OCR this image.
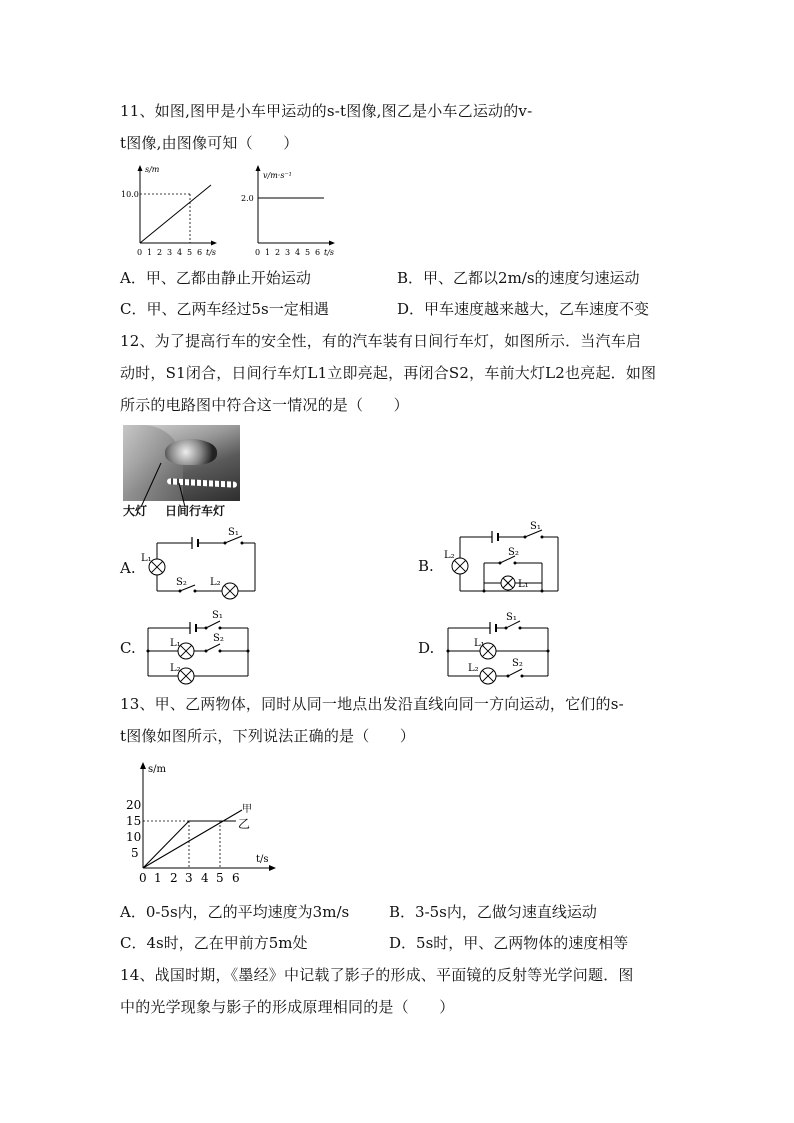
11、如图,图甲是小车甲运动的s-t图像,图乙是小车乙运动的v-
t图像,由图像可知（　　）
s/m
10.0
0 1 2 3 4 5 6 t/s
v/m·s⁻¹
2.0
0 1 2 3 4 5 6 t/s
A．甲、乙都由静止开始运动	B．甲、乙都以2m/s的速度匀速运动
C．甲、乙两车经过5s一定相遇	D．甲车速度越来越大，乙车速度不变
12、为了提高行车的安全性，有的汽车装有日间行车灯，如图所示．当汽车启
动时，S1闭合，日间行车灯L1立即亮起，再闭合S2，车前大灯L2也亮起．如图
所示的电路图中符合这一情况的是（　　）
大灯 日间行车灯
A.
S₁
L₁
S₂ L₂
B.
S₁
L₂	S₂
L₁
C.
S₁
L₁	S₂
L₂
D.
S₁
L₁
L₂	S₂
13、甲、乙两物体，同时从同一地点出发沿直线向同一方向运动，它们的s-
t图像如图所示，下列说法正确的是（　　）
s/m
20
15
10
5
0 1 2 3 4 5 6
t/s
甲
乙
A．0-5s内，乙的平均速度为3m/s	B．3-5s内，乙做匀速直线运动
C．4s时，乙在甲前方5m处	D．5s时，甲、乙两物体的速度相等
14、战国时期，《墨经》中记载了影子的形成、平面镜的反射等光学问题．图
中的光学现象与影子的形成原理相同的是（　　）
